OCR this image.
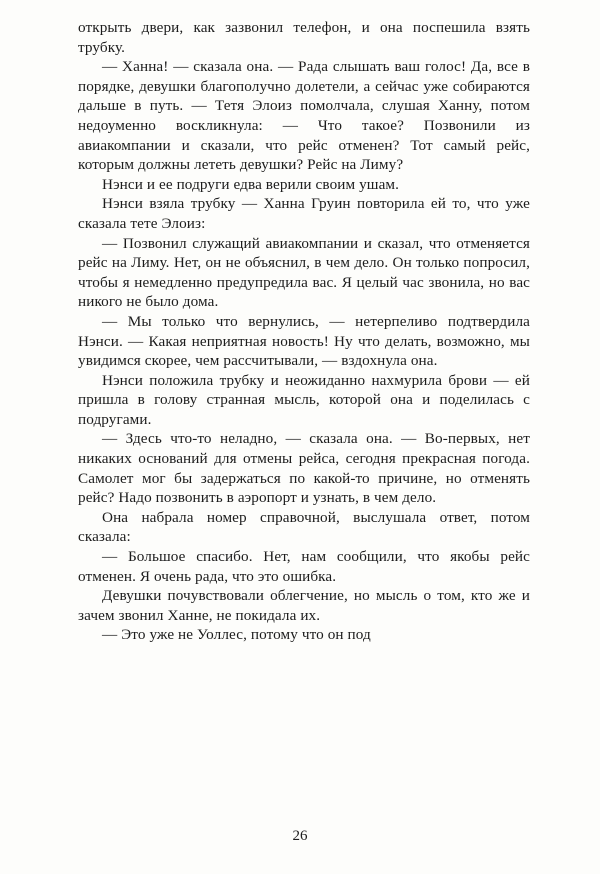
открыть двери, как зазвонил телефон, и она поспешила взять трубку.

— Ханна! — сказала она. — Рада слышать ваш голос! Да, все в порядке, девушки благополучно долетели, а сейчас уже собираются дальше в путь. — Тетя Элоиз помолчала, слушая Ханну, потом недоуменно воскликнула: — Что такое? Позвонили из авиакомпании и сказали, что рейс отменен? Тот самый рейс, которым должны лететь девушки? Рейс на Лиму?

Нэнси и ее подруги едва верили своим ушам.

Нэнси взяла трубку — Ханна Груин повторила ей то, что уже сказала тете Элоиз:

— Позвонил служащий авиакомпании и сказал, что отменяется рейс на Лиму. Нет, он не объяснил, в чем дело. Он только попросил, чтобы я немедленно предупредила вас. Я целый час звонила, но вас никого не было дома.

— Мы только что вернулись, — нетерпеливо подтвердила Нэнси. — Какая неприятная новость! Ну что делать, возможно, мы увидимся скорее, чем рассчитывали, — вздохнула она.

Нэнси положила трубку и неожиданно нахмурила брови — ей пришла в голову странная мысль, которой она и поделилась с подругами.

— Здесь что-то неладно, — сказала она. — Во-первых, нет никаких оснований для отмены рейса, сегодня прекрасная погода. Самолет мог бы задержаться по какой-то причине, но отменять рейс? Надо позвонить в аэропорт и узнать, в чем дело.

Она набрала номер справочной, выслушала ответ, потом сказала:

— Большое спасибо. Нет, нам сообщили, что якобы рейс отменен. Я очень рада, что это ошибка.

Девушки почувствовали облегчение, но мысль о том, кто же и зачем звонил Ханне, не покидала их.

— Это уже не Уоллес, потому что он под

26
